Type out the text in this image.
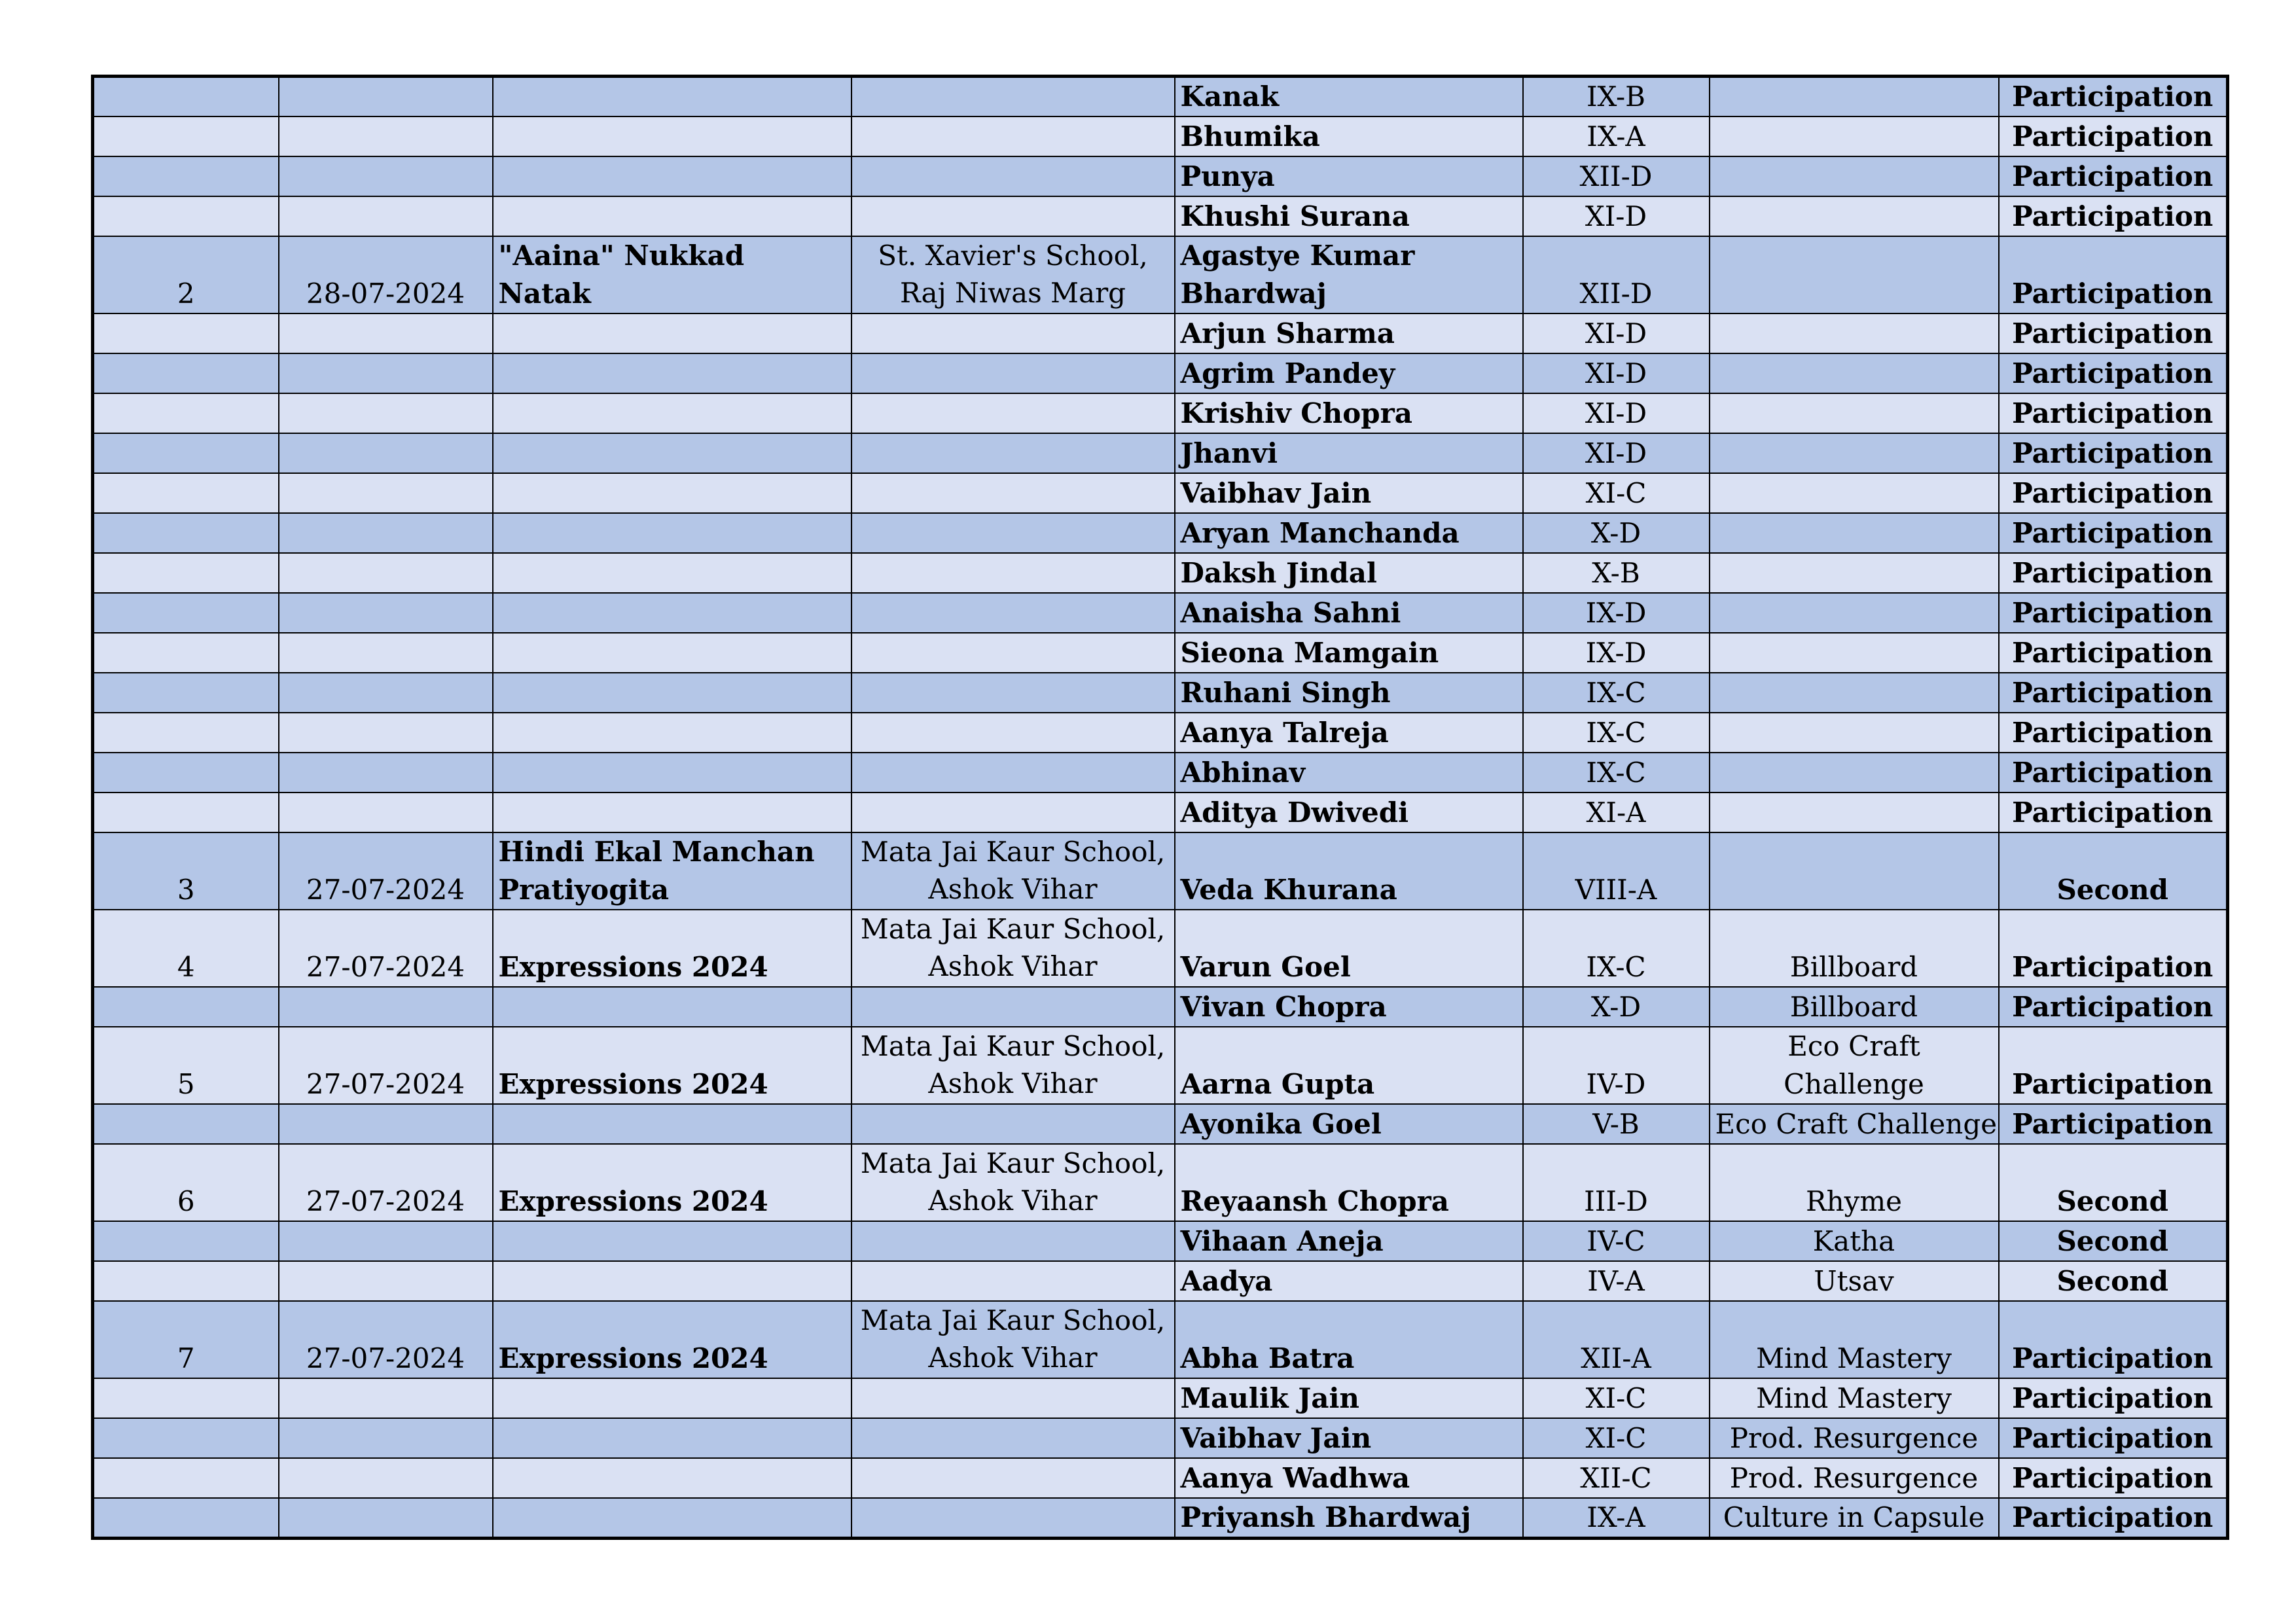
				Kanak	IX-B		Participation
				Bhumika	IX-A		Participation
				Punya	XII-D		Participation
				Khushi Surana	XI-D		Participation
2	28-07-2024	"Aaina" Nukkad Natak	St. Xavier's School, Raj Niwas Marg	Agastye Kumar Bhardwaj	XII-D		Participation
				Arjun Sharma	XI-D		Participation
				Agrim Pandey	XI-D		Participation
				Krishiv Chopra	XI-D		Participation
				Jhanvi	XI-D		Participation
				Vaibhav Jain	XI-C		Participation
				Aryan Manchanda	X-D		Participation
				Daksh Jindal	X-B		Participation
				Anaisha Sahni	IX-D		Participation
				Sieona Mamgain	IX-D		Participation
				Ruhani Singh	IX-C		Participation
				Aanya Talreja	IX-C		Participation
				Abhinav	IX-C		Participation
				Aditya Dwivedi	XI-A		Participation
3	27-07-2024	Hindi Ekal Manchan Pratiyogita	Mata Jai Kaur School, Ashok Vihar	Veda Khurana	VIII-A		Second
4	27-07-2024	Expressions 2024	Mata Jai Kaur School, Ashok Vihar	Varun Goel	IX-C	Billboard	Participation
				Vivan Chopra	X-D	Billboard	Participation
5	27-07-2024	Expressions 2024	Mata Jai Kaur School, Ashok Vihar	Aarna Gupta	IV-D	Eco Craft Challenge	Participation
				Ayonika Goel	V-B	Eco Craft Challenge	Participation
6	27-07-2024	Expressions 2024	Mata Jai Kaur School, Ashok Vihar	Reyaansh Chopra	III-D	Rhyme	Second
				Vihaan Aneja	IV-C	Katha	Second
				Aadya	IV-A	Utsav	Second
7	27-07-2024	Expressions 2024	Mata Jai Kaur School, Ashok Vihar	Abha Batra	XII-A	Mind Mastery	Participation
				Maulik Jain	XI-C	Mind Mastery	Participation
				Vaibhav Jain	XI-C	Prod. Resurgence	Participation
				Aanya Wadhwa	XII-C	Prod. Resurgence	Participation
				Priyansh Bhardwaj	IX-A	Culture in Capsule	Participation
